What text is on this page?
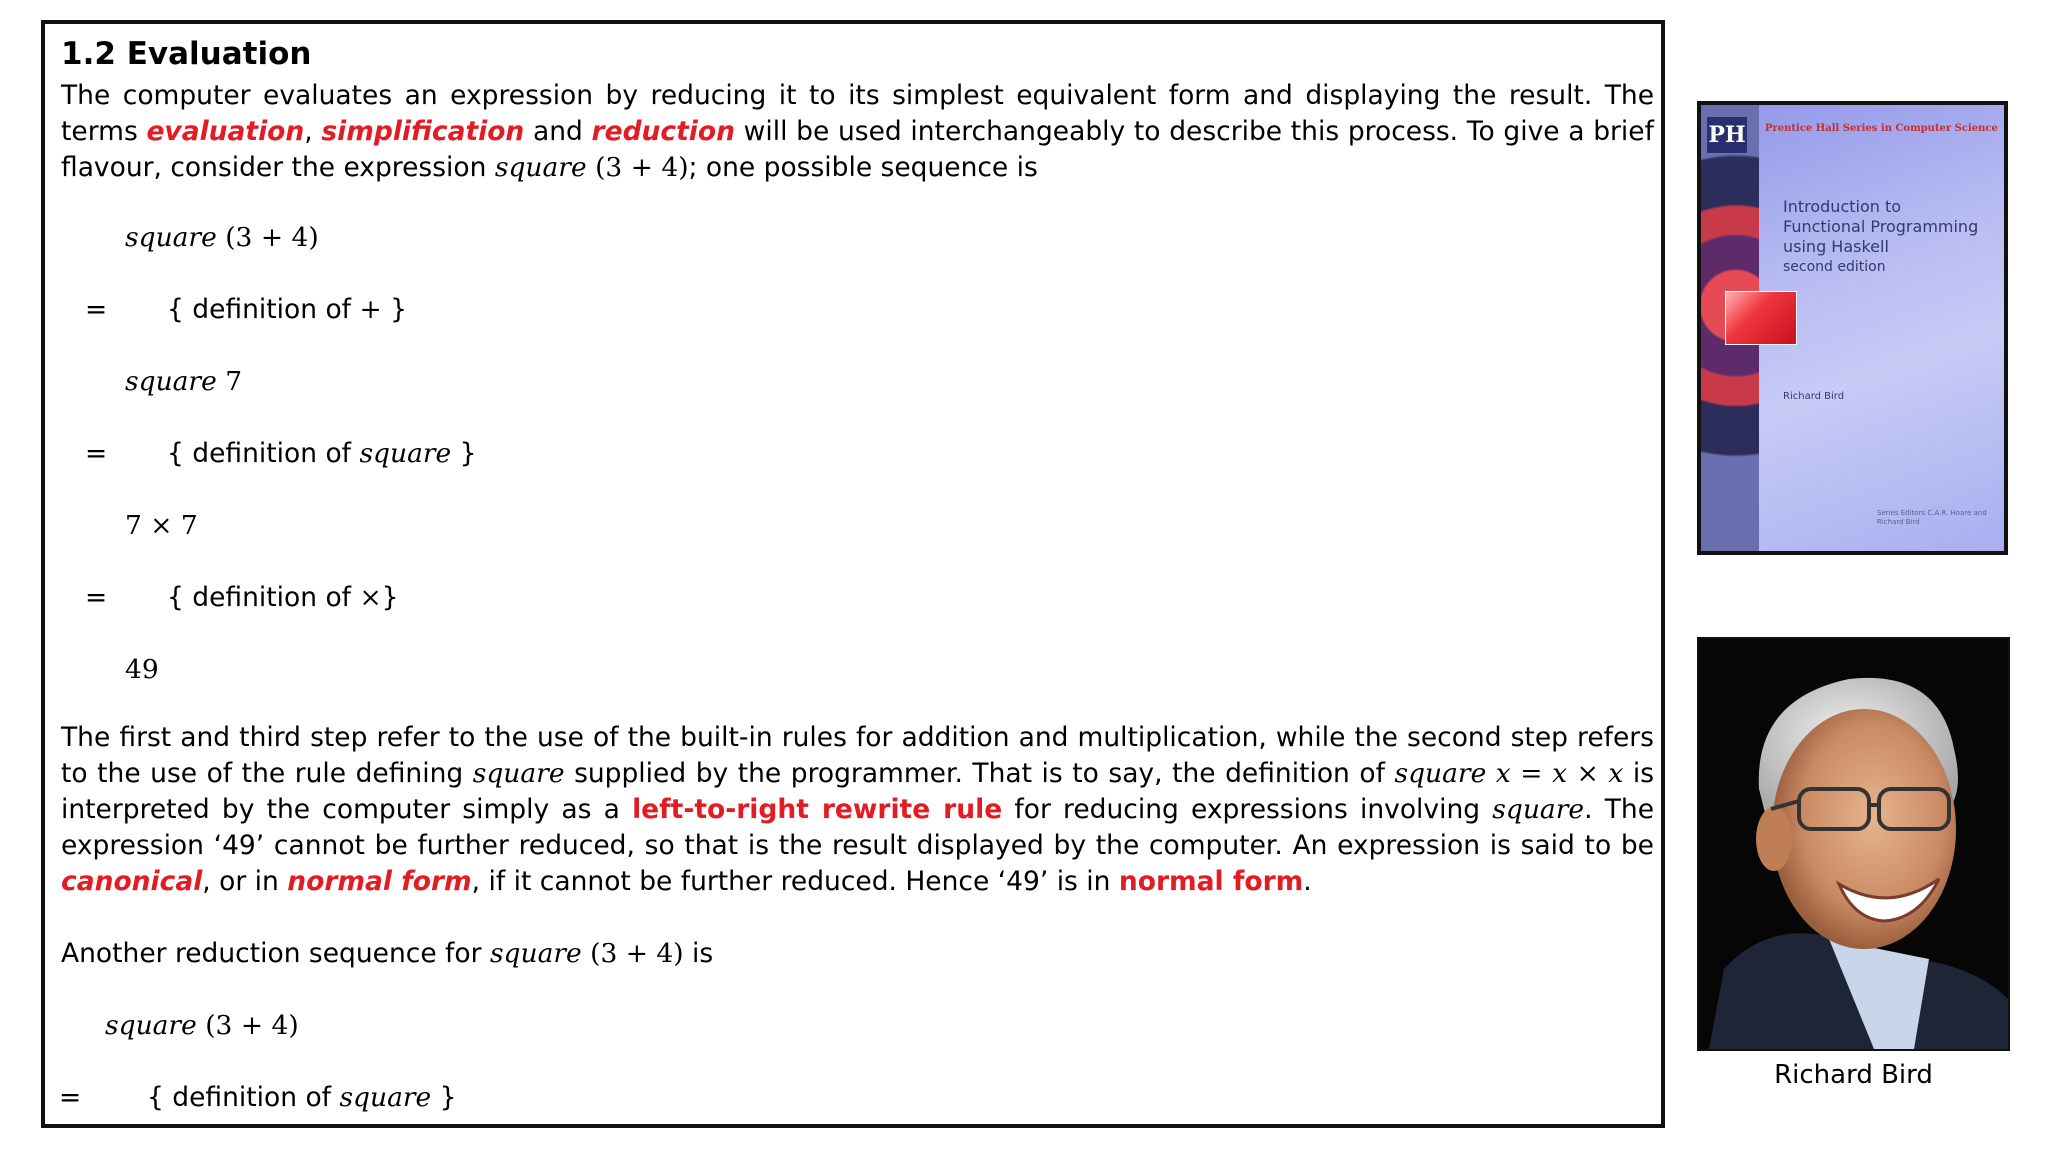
1.2 Evaluation

The computer evaluates an expression by reducing it to its simplest equivalent form and displaying the result. The terms evaluation, simplification and reduction will be used interchangeably to describe this process. To give a brief flavour, consider the expression square (3 + 4); one possible sequence is

square (3 + 4)
= { definition of + }
square 7
= { definition of square }
7 × 7
= { definition of ×}
49

The first and third step refer to the use of the built-in rules for addition and multiplication, while the second step refers to the use of the rule defining square supplied by the programmer. That is to say, the definition of square x = x × x is interpreted by the computer simply as a left-to-right rewrite rule for reducing expressions involving square. The expression ‘49’ cannot be further reduced, so that is the result displayed by the computer. An expression is said to be canonical, or in normal form, if it cannot be further reduced. Hence ‘49’ is in normal form.

Another reduction sequence for square (3 + 4) is
square (3 + 4)
= { definition of square }
PH Prentice Hall Series in Computer Science
Introduction to
Functional Programming
using Haskell
second edition
Richard Bird
Series Editors C.A.R. Hoare and Richard Bird
Richard Bird
